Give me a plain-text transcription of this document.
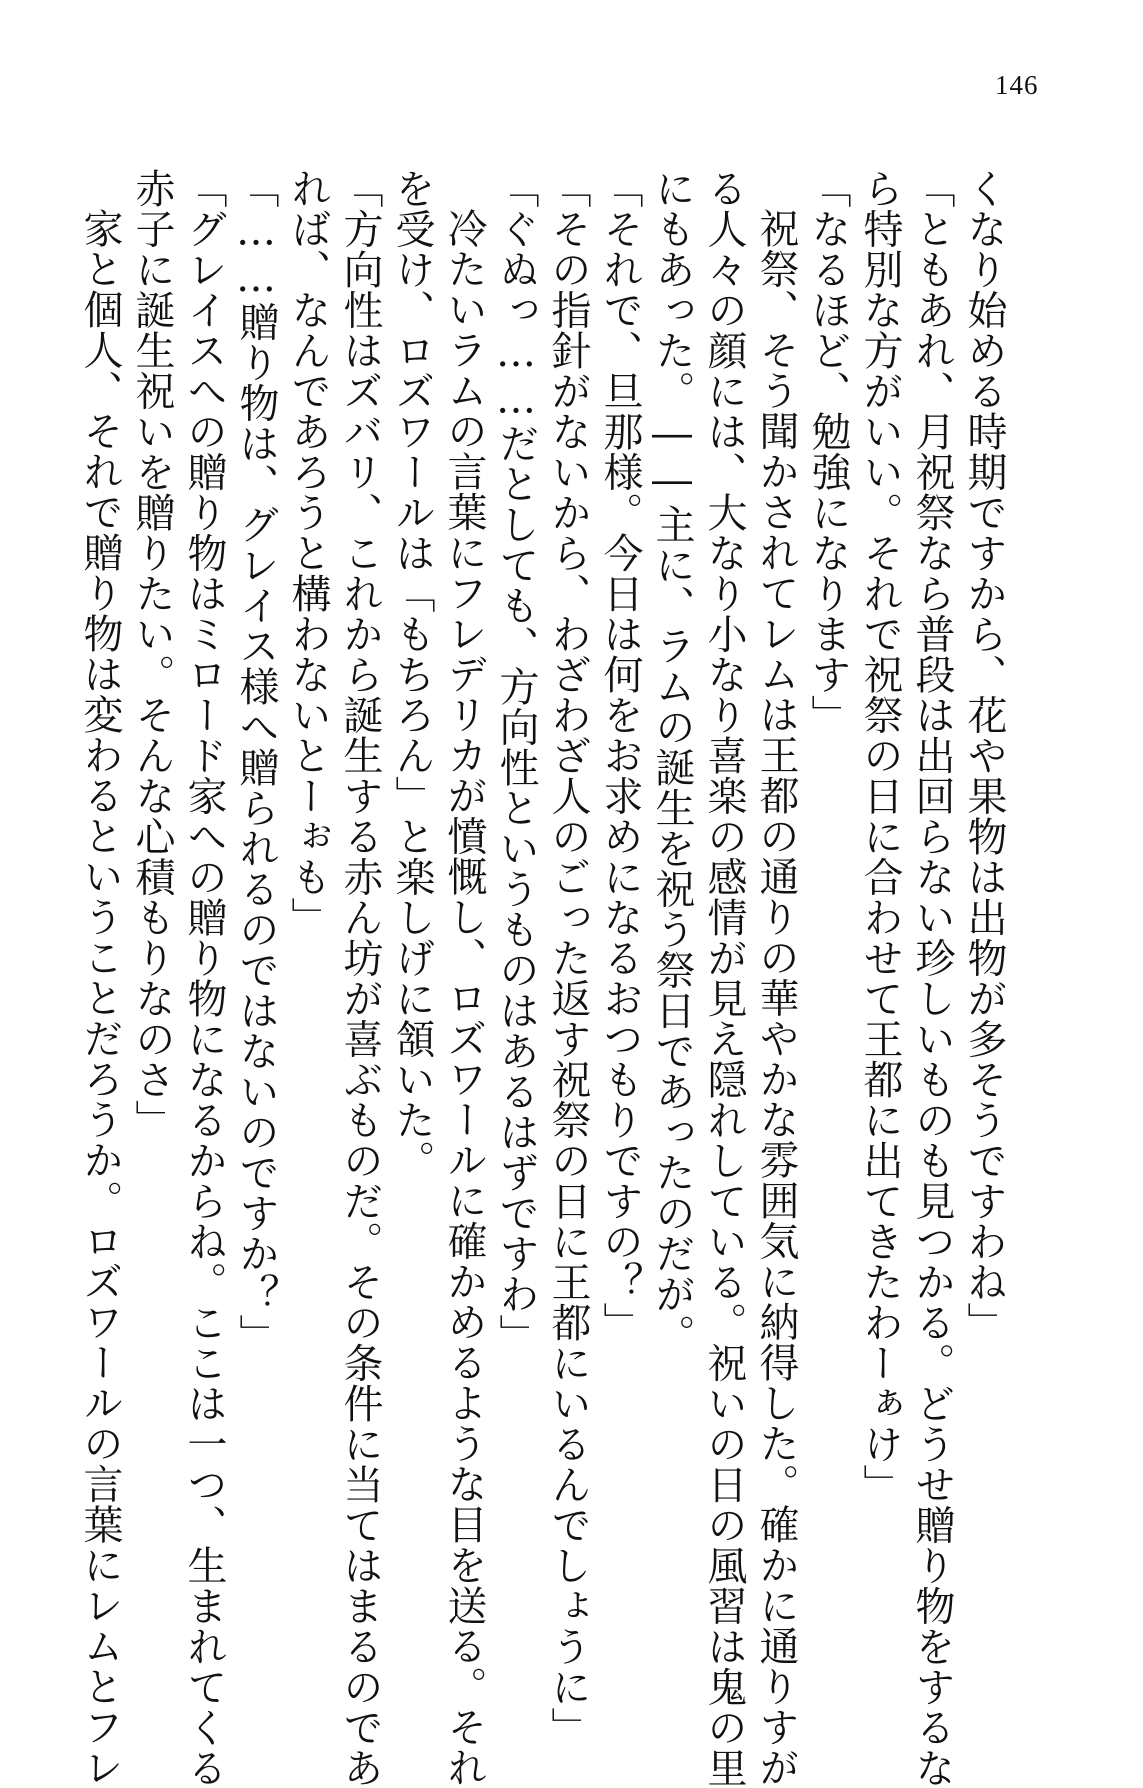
146
くなり始める時期ですから、花や果物は出物が多そうですわね」
「ともあれ、月祝祭なら普段は出回らない珍しいものも見つかる。どうせ贈り物をするな
ら特別な方がいい。それで祝祭の日に合わせて王都に出てきたわーぁけ」
「なるほど、勉強になります」
祝祭、そう聞かされてレムは王都の通りの華やかな雰囲気に納得した。確かに通りすが
る人々の顔には、大なり小なり喜楽の感情が見え隠れしている。祝いの日の風習は鬼の里
にもあった。――主に、ラムの誕生を祝う祭日であったのだが。
「それで、旦那様。今日は何をお求めになるおつもりですの？」
「その指針がないから、わざわざ人のごった返す祝祭の日に王都にいるんでしょうに」
「ぐぬっ……だとしても、方向性というものはあるはずですわ」
冷たいラムの言葉にフレデリカが憤慨し、ロズワールに確かめるような目を送る。それ
を受け、ロズワールは「もちろん」と楽しげに頷いた。
「方向性はズバリ、これから誕生する赤ん坊が喜ぶものだ。その条件に当てはまるのであ
れば、なんであろうと構わないとーぉも」
「……贈り物は、グレイス様へ贈られるのではないのですか？」
「グレイスへの贈り物はミロード家への贈り物になるからね。ここは一つ、生まれてくる
赤子に誕生祝いを贈りたい。そんな心積もりなのさ」
家と個人、それで贈り物は変わるということだろうか。ロズワールの言葉にレムとフレ
